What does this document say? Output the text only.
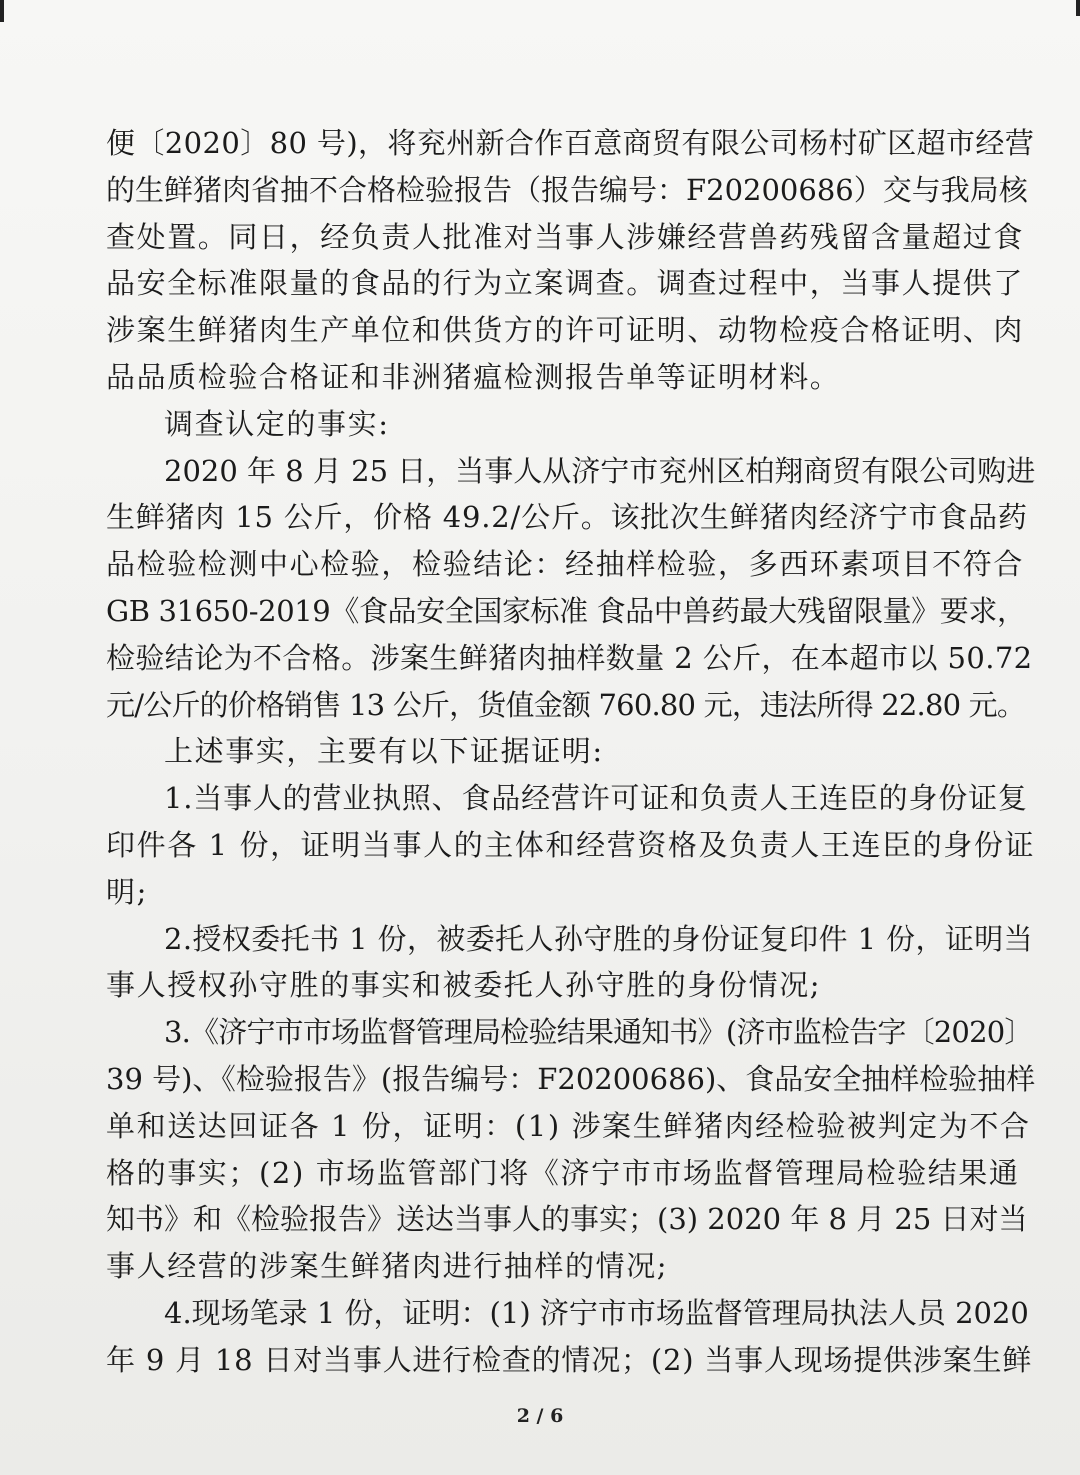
便〔2020〕80 号)，将兖州新合作百意商贸有限公司杨村矿区超市经营
的生鲜猪肉省抽不合格检验报告（报告编号：F20200686）交与我局核
查处置。同日，经负责人批准对当事人涉嫌经营兽药残留含量超过食
品安全标准限量的食品的行为立案调查。调查过程中，当事人提供了
涉案生鲜猪肉生产单位和供货方的许可证明、动物检疫合格证明、肉
品品质检验合格证和非洲猪瘟检测报告单等证明材料。
调查认定的事实:
2020 年 8 月 25 日，当事人从济宁市兖州区柏翔商贸有限公司购进
生鲜猪肉 15 公斤，价格 49.2/公斤。该批次生鲜猪肉经济宁市食品药
品检验检测中心检验，检验结论：经抽样检验，多西环素项目不符合
GB 31650-2019《食品安全国家标准 食品中兽药最大残留限量》要求，
检验结论为不合格。涉案生鲜猪肉抽样数量 2 公斤，在本超市以 50.72
元/公斤的价格销售 13 公斤，货值金额 760.80 元，违法所得 22.80 元。
上述事实，主要有以下证据证明:
1.当事人的营业执照、食品经营许可证和负责人王连臣的身份证复
印件各 1 份，证明当事人的主体和经营资格及负责人王连臣的身份证
明;
2.授权委托书 1 份，被委托人孙守胜的身份证复印件 1 份，证明当
事人授权孙守胜的事实和被委托人孙守胜的身份情况;
3.《济宁市市场监督管理局检验结果通知书》(济市监检告字〔2020〕
39 号)、《检验报告》(报告编号：F20200686)、食品安全抽样检验抽样
单和送达回证各 1 份，证明：(1) 涉案生鲜猪肉经检验被判定为不合
格的事实；(2) 市场监管部门将《济宁市市场监督管理局检验结果通
知书》和《检验报告》送达当事人的事实；(3) 2020 年 8 月 25 日对当
事人经营的涉案生鲜猪肉进行抽样的情况;
4.现场笔录 1 份，证明：(1) 济宁市市场监督管理局执法人员 2020
年 9 月 18 日对当事人进行检查的情况；(2) 当事人现场提供涉案生鲜
2 / 6
